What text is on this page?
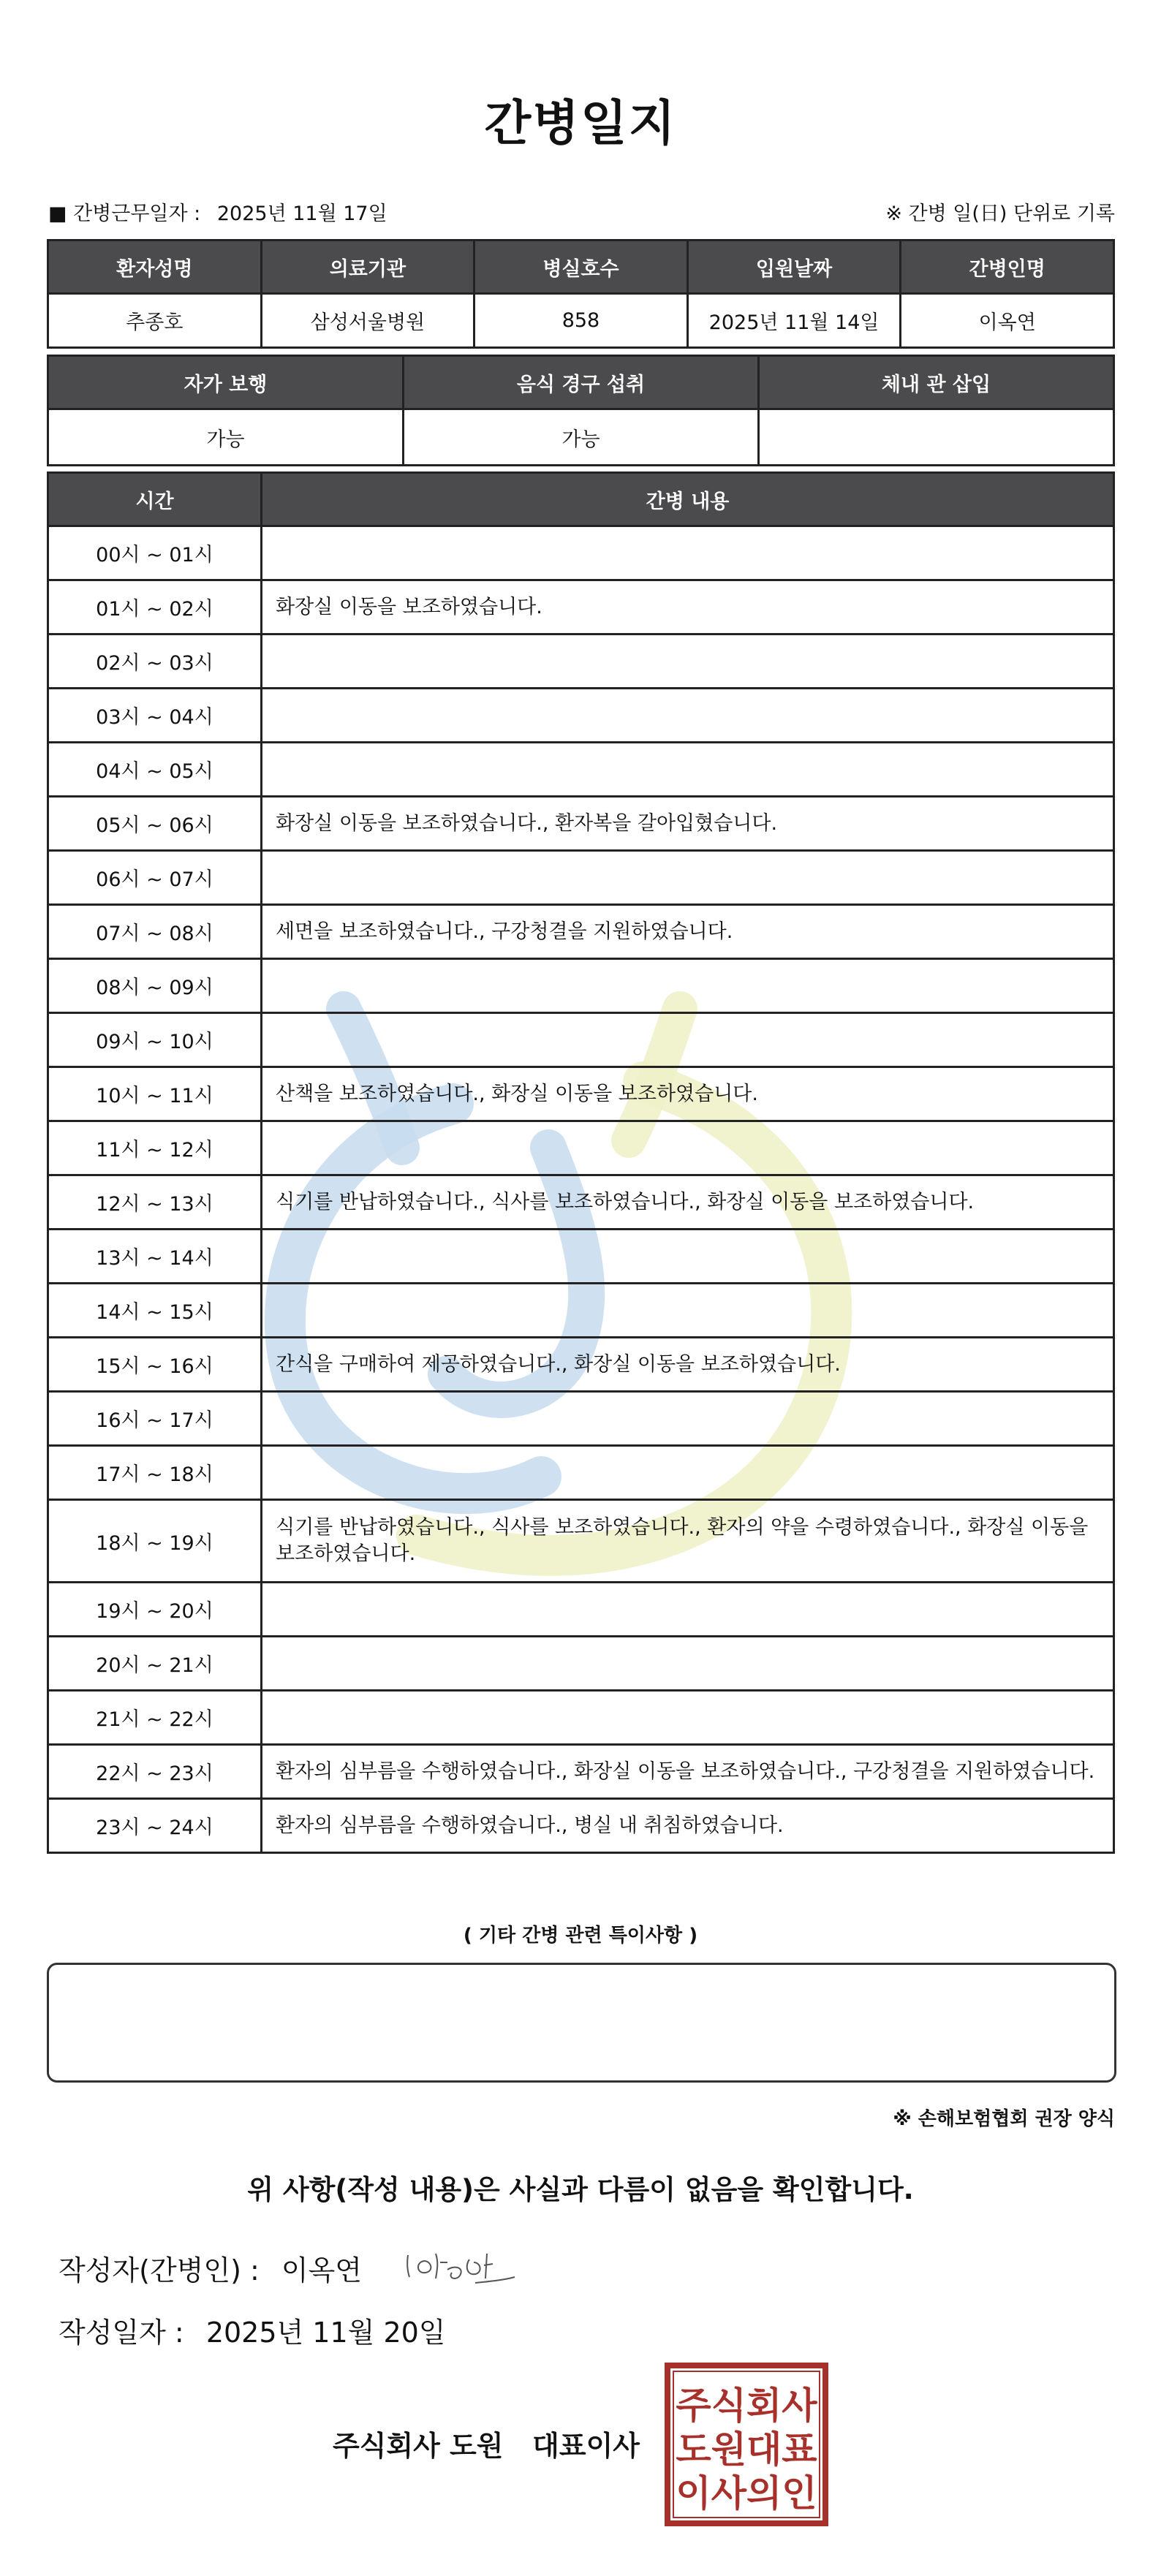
간병일지
■ 간병근무일자 : 2025년 11월 17일	※ 간병 일(日) 단위로 기록
환자성명	의료기관	병실호수	입원날짜	간병인명
추종호	삼성서울병원	858	2025년 11월 14일	이옥연
자가 보행	음식 경구 섭취	체내 관 삽입
가능	가능	
시간	간병 내용
00시 ~ 01시	
01시 ~ 02시	화장실 이동을 보조하였습니다.
02시 ~ 03시	
03시 ~ 04시	
04시 ~ 05시	
05시 ~ 06시	화장실 이동을 보조하였습니다., 환자복을 갈아입혔습니다.
06시 ~ 07시	
07시 ~ 08시	세면을 보조하였습니다., 구강청결을 지원하였습니다.
08시 ~ 09시	
09시 ~ 10시	
10시 ~ 11시	산책을 보조하였습니다., 화장실 이동을 보조하였습니다.
11시 ~ 12시	
12시 ~ 13시	식기를 반납하였습니다., 식사를 보조하였습니다., 화장실 이동을 보조하였습니다.
13시 ~ 14시	
14시 ~ 15시	
15시 ~ 16시	간식을 구매하여 제공하였습니다., 화장실 이동을 보조하였습니다.
16시 ~ 17시	
17시 ~ 18시	
18시 ~ 19시	식기를 반납하였습니다., 식사를 보조하였습니다., 환자의 약을 수령하였습니다., 화장실 이동을 보조하였습니다.
19시 ~ 20시	
20시 ~ 21시	
21시 ~ 22시	
22시 ~ 23시	환자의 심부름을 수행하였습니다., 화장실 이동을 보조하였습니다., 구강청결을 지원하였습니다.
23시 ~ 24시	환자의 심부름을 수행하였습니다., 병실 내 취침하였습니다.
( 기타 간병 관련 특이사항 )
※ 손해보험협회 권장 양식
위 사항(작성 내용)은 사실과 다름이 없음을 확인합니다.
작성자(간병인) : 이옥연
작성일자 : 2025년 11월 20일
주식회사 도원   대표이사
주식회사
도원대표
이사의인
